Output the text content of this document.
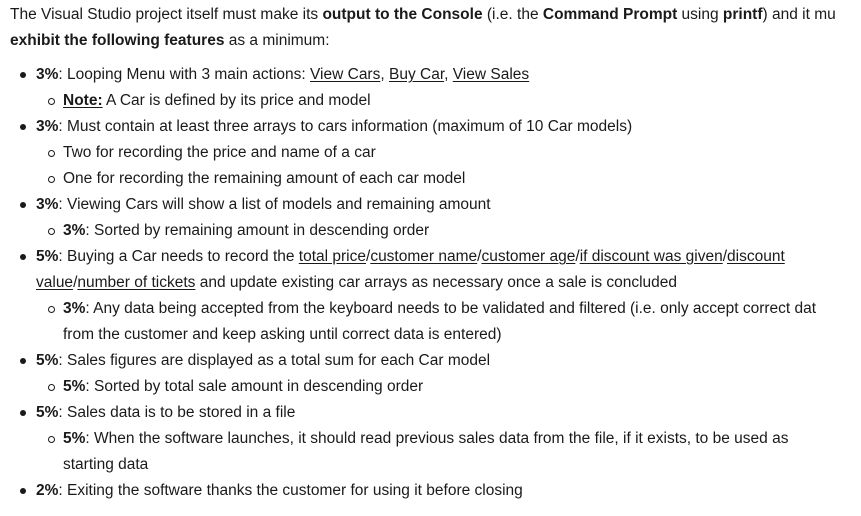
The Visual Studio project itself must make its output to the Console (i.e. the Command Prompt using printf) and it mu

exhibit the following features as a minimum:

3%: Looping Menu with 3 main actions: View Cars, Buy Car, View Sales
Note: A Car is defined by its price and model
3%: Must contain at least three arrays to cars information (maximum of 10 Car models)
Two for recording the price and name of a car
One for recording the remaining amount of each car model
3%: Viewing Cars will show a list of models and remaining amount
3%: Sorted by remaining amount in descending order
5%: Buying a Car needs to record the total price/customer name/customer age/if discount was given/discount
value/number of tickets and update existing car arrays as necessary once a sale is concluded
3%: Any data being accepted from the keyboard needs to be validated and filtered (i.e. only accept correct dat
from the customer and keep asking until correct data is entered)
5%: Sales figures are displayed as a total sum for each Car model
5%: Sorted by total sale amount in descending order
5%: Sales data is to be stored in a file
5%: When the software launches, it should read previous sales data from the file, if it exists, to be used as
starting data
2%: Exiting the software thanks the customer for using it before closing
